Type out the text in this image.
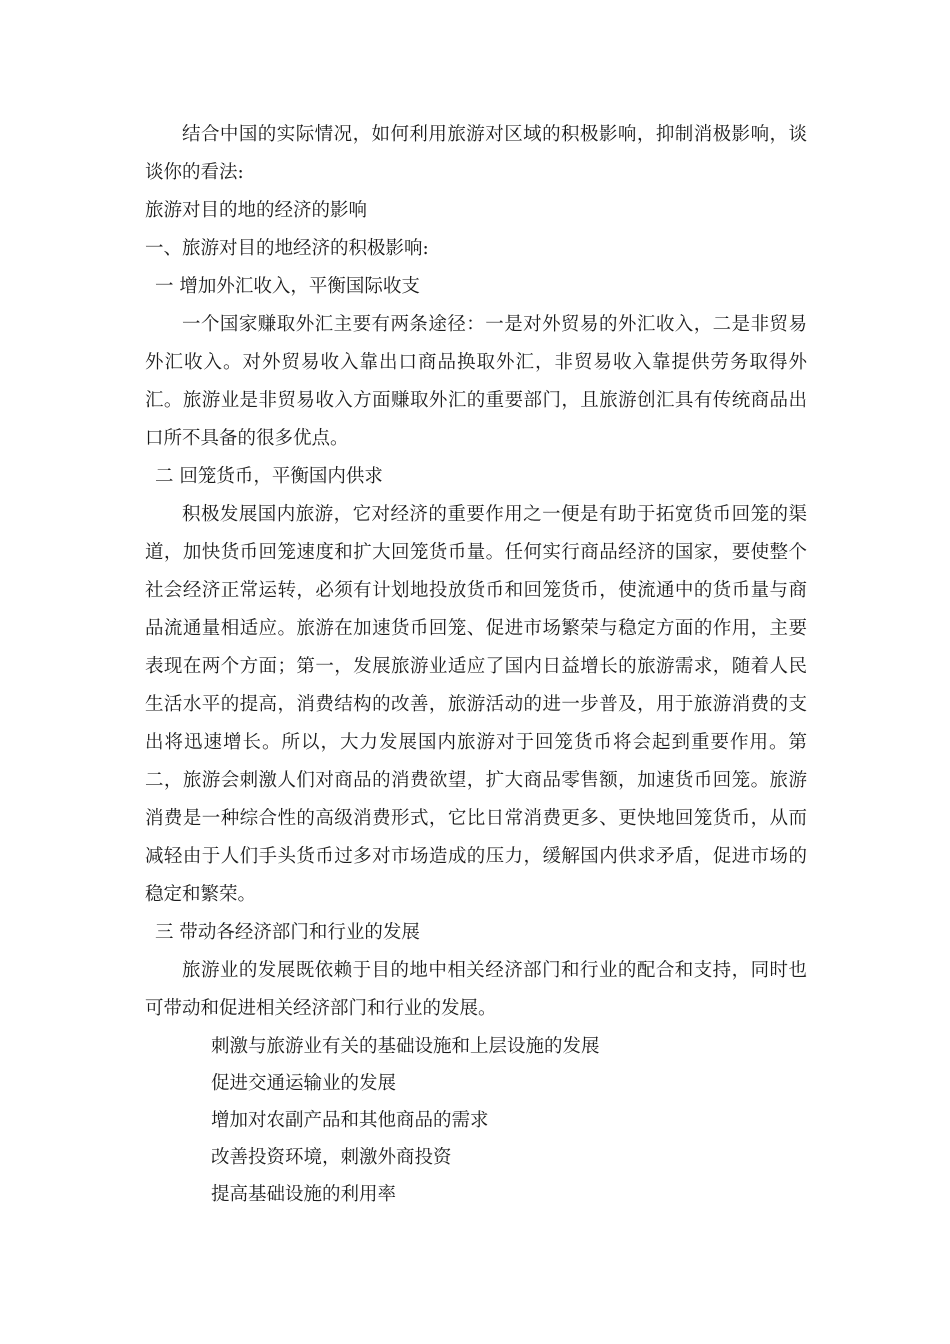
结合中国的实际情况，如何利用旅游对区域的积极影响，抑制消极影响，谈谈你的看法:

旅游对目的地的经济的影响

一、旅游对目的地经济的积极影响:

一 增加外汇收入，平衡国际收支

一个国家赚取外汇主要有两条途径：一是对外贸易的外汇收入，二是非贸易外汇收入。对外贸易收入靠出口商品换取外汇，非贸易收入靠提供劳务取得外汇。旅游业是非贸易收入方面赚取外汇的重要部门，且旅游创汇具有传统商品出口所不具备的很多优点。

二 回笼货币，平衡国内供求

积极发展国内旅游，它对经济的重要作用之一便是有助于拓宽货币回笼的渠道，加快货币回笼速度和扩大回笼货币量。任何实行商品经济的国家，要使整个社会经济正常运转，必须有计划地投放货币和回笼货币，使流通中的货币量与商品流通量相适应。旅游在加速货币回笼、促进市场繁荣与稳定方面的作用，主要表现在两个方面；第一，发展旅游业适应了国内日益增长的旅游需求，随着人民生活水平的提高，消费结构的改善，旅游活动的进一步普及，用于旅游消费的支出将迅速增长。所以，大力发展国内旅游对于回笼货币将会起到重要作用。第二，旅游会刺激人们对商品的消费欲望，扩大商品零售额，加速货币回笼。旅游消费是一种综合性的高级消费形式，它比日常消费更多、更快地回笼货币，从而减轻由于人们手头货币过多对市场造成的压力，缓解国内供求矛盾，促进市场的稳定和繁荣。

三 带动各经济部门和行业的发展

旅游业的发展既依赖于目的地中相关经济部门和行业的配合和支持，同时也可带动和促进相关经济部门和行业的发展。

刺激与旅游业有关的基础设施和上层设施的发展
促进交通运输业的发展
增加对农副产品和其他商品的需求
改善投资环境，刺激外商投资
提高基础设施的利用率
